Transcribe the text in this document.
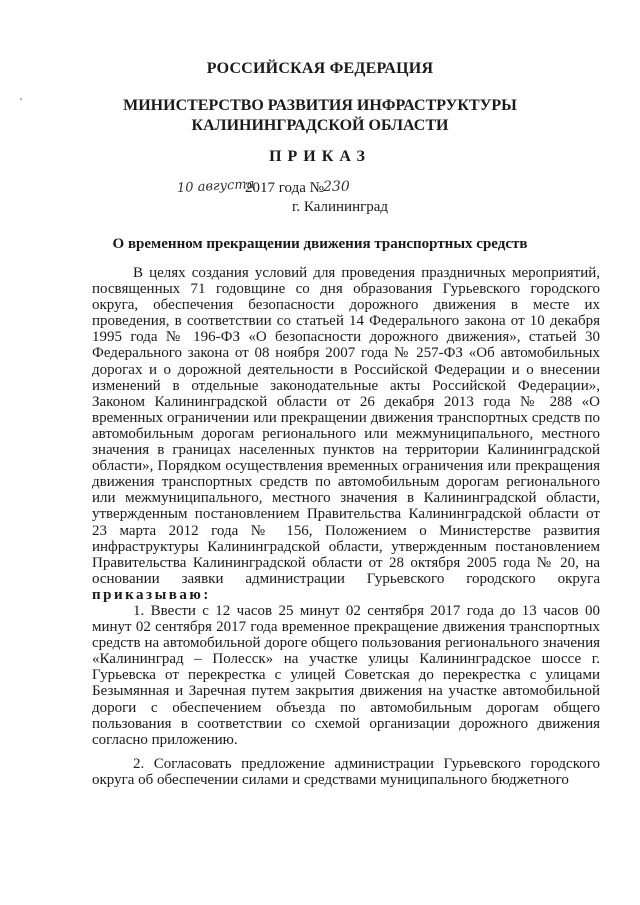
РОССИЙСКАЯ ФЕДЕРАЦИЯ
МИНИСТЕРСТВО РАЗВИТИЯ ИНФРАСТРУКТУРЫ
КАЛИНИНГРАДСКОЙ ОБЛАСТИ
ПРИКАЗ
10 августа
2017 года № 230
г. Калининград
О временном прекращении движения транспортных средств

В целях создания условий для проведения праздничных мероприятий, посвященных 71 годовщине со дня образования Гурьевского городского округа, обеспечения безопасности дорожного движения в месте их проведения, в соответствии со статьей 14 Федерального закона от 10 декабря 1995 года № 196-ФЗ «О безопасности дорожного движения», статьей 30 Федерального закона от 08 ноября 2007 года № 257-ФЗ «Об автомобильных дорогах и о дорожной деятельности в Российской Федерации и о внесении изменений в отдельные законодательные акты Российской Федерации», Законом Калининградской области от 26 декабря 2013 года № 288 «О временных ограничении или прекращении движения транспортных средств по автомобильным дорогам регионального или межмуниципального, местного значения в границах населенных пунктов на территории Калининградской области», Порядком осуществления временных ограничения или прекращения движения транспортных средств по автомобильным дорогам регионального или межмуниципального, местного значения в Калининградской области, утвержденным постановлением Правительства Калининградской области от 23 марта 2012 года № 156, Положением о Министерстве развития инфраструктуры Калининградской области, утвержденным постановлением Правительства Калининградской области от 28 октября 2005 года № 20, на основании заявки администрации Гурьевского городского округа приказываю:

1. Ввести с 12 часов 25 минут 02 сентября 2017 года до 13 часов 00 минут 02 сентября 2017 года временное прекращение движения транспортных средств на автомобильной дороге общего пользования регионального значения «Калининград – Полесск» на участке улицы Калининградское шоссе г. Гурьевска от перекрестка с улицей Советская до перекрестка с улицами Безымянная и Заречная путем закрытия движения на участке автомобильной дороги с обеспечением объезда по автомобильным дорогам общего пользования в соответствии со схемой организации дорожного движения согласно приложению.

2. Согласовать предложение администрации Гурьевского городского округа об обеспечении силами и средствами муниципального бюджетного
